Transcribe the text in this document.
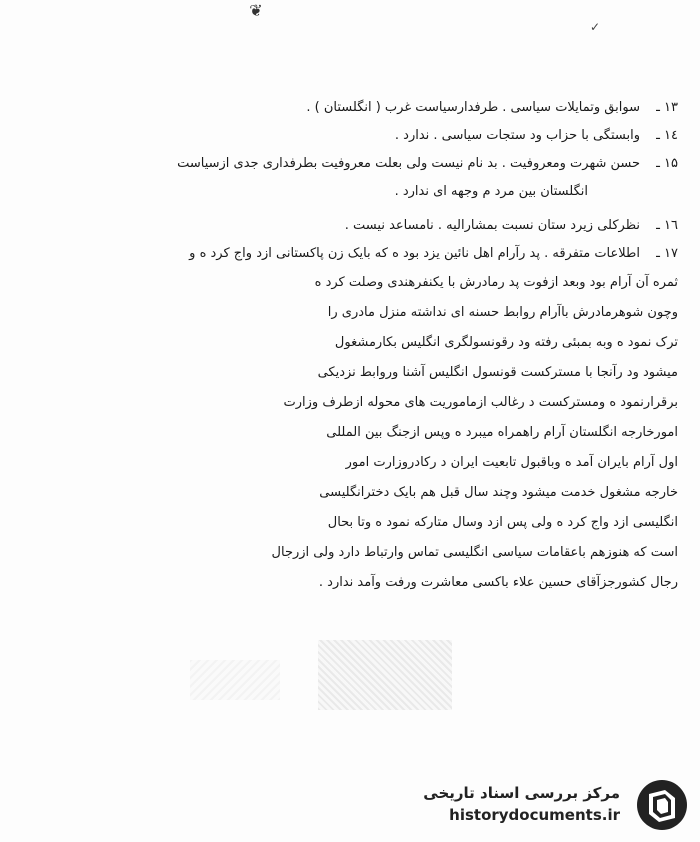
❦
✓
۱۳ ـ
سوابق وتمایلات سیاسی . طرفدارسیاست غرب ( انگلستان ) .
۱٤ ـ
وابستگی با حزاب ود ستجات سیاسی . ندارد .
۱۵ ـ
حسن شهرت ومعروفیت . بد نام نیست ولی بعلت معروفیت بطرفداری جدی ازسیاست
انگلستان بین مرد م وجهه ای ندارد .
۱٦ ـ
نظرکلی زیرد ستان نسبت بمشارالیه . نامساعد نیست .
۱۷ ـ
اطلاعات متفرقه . پد رآرام اهل نائین یزد بود ه که بایک زن پاکستانی ازد واج کرد ه و
ثمره آن آرام بود وبعد ازفوت پد رمادرش با یکنفرهندی وصلت کرد ه
وچون شوهرمادرش باآرام روابط حسنه ای نداشته منزل مادری را
ترک نمود ه وبه بمبئی رفته ود رقونسولگری انگلیس بکارمشغول
میشود ود رآنجا با مسترکست قونسول انگلیس آشنا وروابط نزدیکی
برقرارنمود ه ومسترکست د رغالب ازماموریت های محوله ازطرف وزارت
امورخارجه انگلستان آرام راهمراه میبرد ه وپس ازجنگ بین المللی
اول آرام بایران آمد ه وباقبول تابعیت ایران د رکادروزارت امور
خارجه مشغول خدمت میشود وچند سال قبل هم بایک دخترانگلیسی
انگلیسی ازد واج کرد ه ولی پس ازد وسال متارکه نمود ه وتا بحال
است که هنوزهم باعقامات سیاسی انگلیسی تماس وارتباط دارد ولی ازرجال
رجال کشورجزآقای حسین علاء باکسی معاشرت ورفت وآمد ندارد .
مرکز بررسی اسناد تاریخی
historydocuments.ir
